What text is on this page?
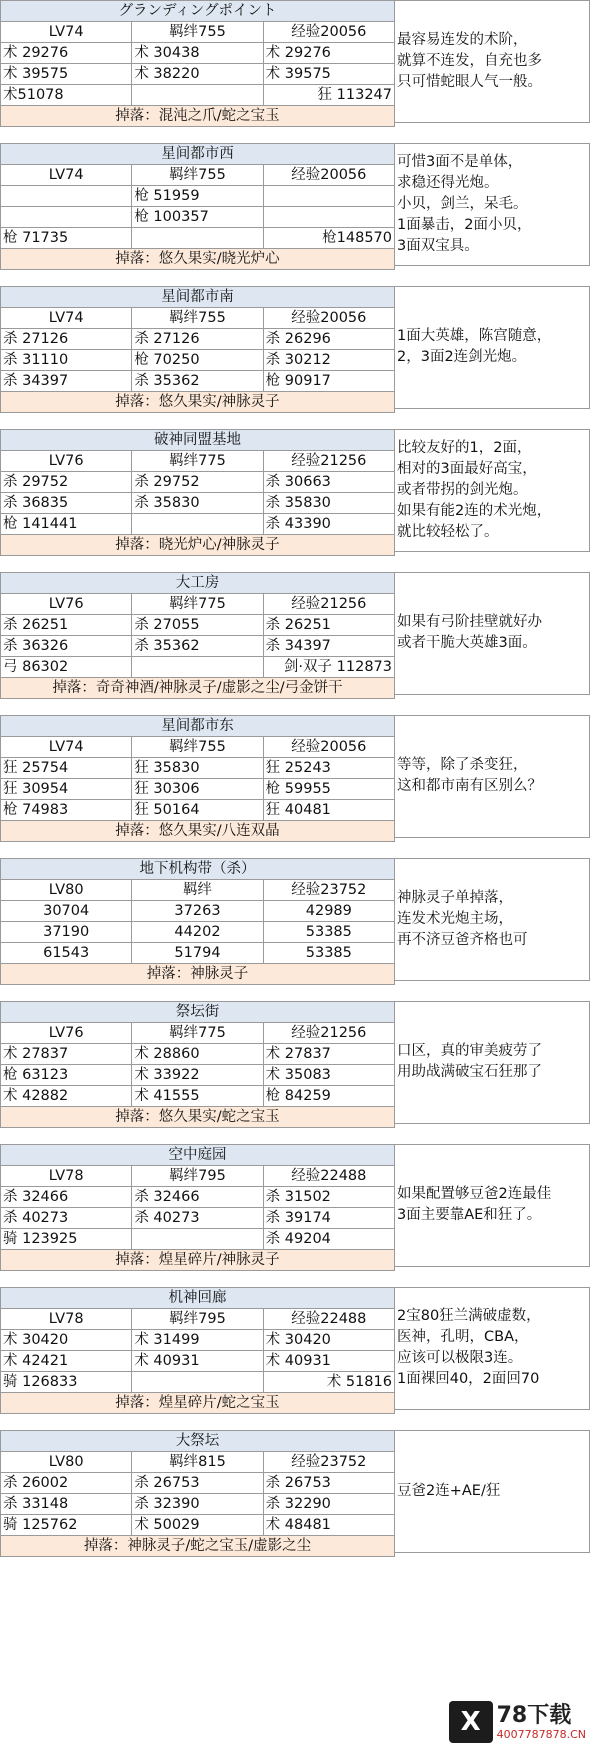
グランディングポイント		
LV74	羁绊755	经验20056
术 29276	术 30438	术 29276
术 39575	术 38220	术 39575
术51078		狂 113247
掉落：混沌之爪/蛇之宝玉		
最容易连发的术阶，
就算不连发，自充也多
只可惜蛇眼人气一般。
星间都市西		
LV74	羁绊755	经验20056
	枪 51959	
	枪 100357	
枪 71735		枪148570
掉落：悠久果实/晓光炉心		
可惜3面不是单体，
求稳还得光炮。
小贝，剑兰，呆毛。
1面暴击，2面小贝，
3面双宝具。
星间都市南		
LV74	羁绊755	经验20056
杀 27126	杀 27126	杀 26296
杀 31110	枪 70250	杀 30212
杀 34397	杀 35362	枪 90917
掉落：悠久果实/神脉灵子		
1面大英雄，陈宫随意，
2，3面2连剑光炮。
破神同盟基地		
LV76	羁绊775	经验21256
杀 29752	杀 29752	杀 30663
杀 36835	杀 35830	杀 35830
枪 141441		杀 43390
掉落：晓光炉心/神脉灵子		
比较友好的1，2面，
相对的3面最好高宝，
或者带拐的剑光炮。
如果有能2连的术光炮，
就比较轻松了。
大工房		
LV76	羁绊775	经验21256
杀 26251	杀 27055	杀 26251
杀 36326	杀 35362	杀 34397
弓 86302		剑·双子 112873
掉落：奇奇神酒/神脉灵子/虚影之尘/弓金饼干		
如果有弓阶挂壁就好办
或者干脆大英雄3面。
星间都市东		
LV74	羁绊755	经验20056
狂 25754	狂 35830	狂 25243
狂 30954	狂 30306	枪 59955
枪 74983	狂 50164	狂 40481
掉落：悠久果实/八连双晶		
等等，除了杀变狂，
这和都市南有区别么？
地下机构带（杀）		
LV80	羁绊	经验23752
30704	37263	42989
37190	44202	53385
61543	51794	53385
掉落：神脉灵子		
神脉灵子单掉落，
连发术光炮主场，
再不济豆爸齐格也可
祭坛街		
LV76	羁绊775	经验21256
术 27837	术 28860	术 27837
枪 63123	术 33922	术 35083
术 42882	术 41555	枪 84259
掉落：悠久果实/蛇之宝玉		
口区，真的审美疲劳了
用助战满破宝石狂那了
空中庭园		
LV78	羁绊795	经验22488
杀 32466	杀 32466	杀 31502
杀 40273	杀 40273	杀 39174
骑 123925		杀 49204
掉落：煌星碎片/神脉灵子		
如果配置够豆爸2连最佳
3面主要靠AE和狂了。
机神回廊		
LV78	羁绊795	经验22488
术 30420	术 31499	术 30420
术 42421	术 40931	术 40931
骑 126833		术 51816
掉落：煌星碎片/蛇之宝玉		
2宝80狂兰满破虚数，
医神，孔明，CBA，
应该可以极限3连。
1面裸回40，2面回70
大祭坛		
LV80	羁绊815	经验23752
杀 26002	杀 26753	杀 26753
杀 33148	杀 32390	杀 32290
骑 125762	术 50029	术 48481
掉落：神脉灵子/蛇之宝玉/虚影之尘		
豆爸2连+AE/狂
X 78下载
4007787878.CN
